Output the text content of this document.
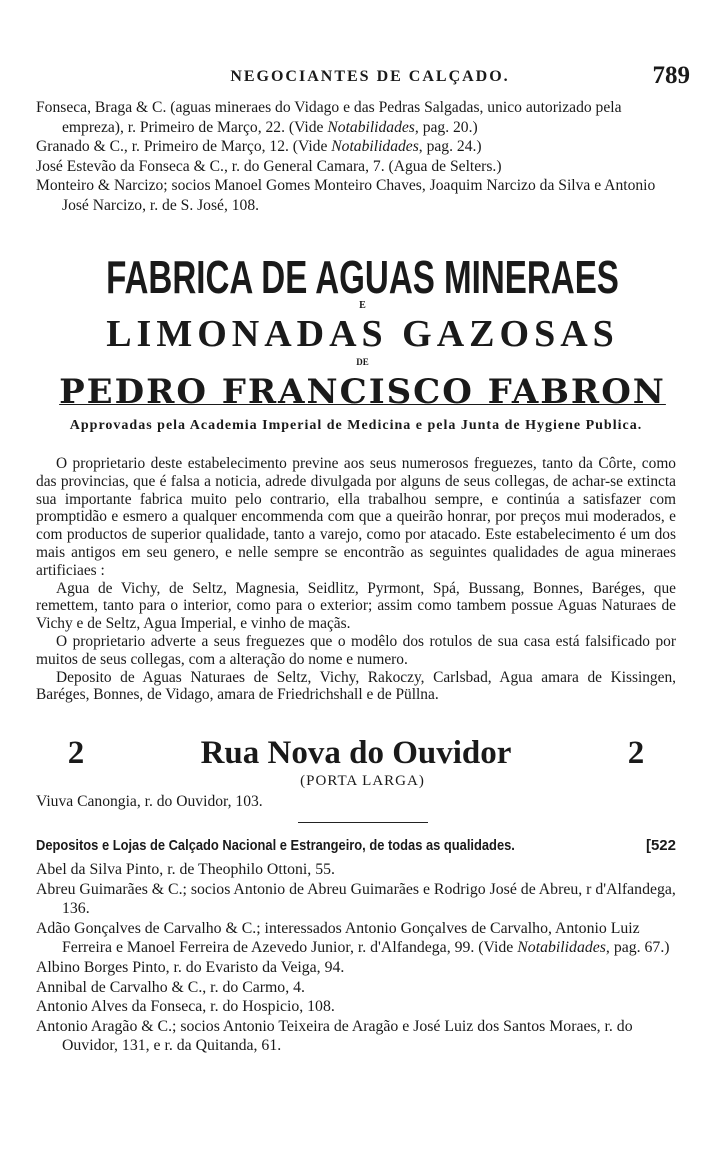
NEGOCIANTES DE CALÇADO.	789

Fonseca, Braga & C. (aguas mineraes do Vidago e das Pedras Salgadas, unico autorizado pela empreza), r. Primeiro de Março, 22. (Vide Notabilidades, pag. 20.)

Granado & C., r. Primeiro de Março, 12. (Vide Notabilidades, pag. 24.)

José Estevão da Fonseca & C., r. do General Camara, 7. (Agua de Selters.)

Monteiro & Narcizo; socios Manoel Gomes Monteiro Chaves, Joaquim Narcizo da Silva e Antonio José Narcizo, r. de S. José, 108.

FABRICA DE AGUAS MINERAES
E
LIMONADAS GAZOSAS
DE
PEDRO FRANCISCO FABRON
Approvadas pela Academia Imperial de Medicina e pela Junta de Hygiene Publica.

O proprietario deste estabelecimento previne aos seus numerosos freguezes, tanto da Côrte, como das provincias, que é falsa a noticia, adrede divulgada por alguns de seus collegas, de achar-se extincta sua importante fabrica muito pelo contrario, ella trabalhou sempre, e continúa a satisfazer com promptidão e esmero a qualquer encommenda com que a queirão honrar, por preços mui moderados, e com productos de superior qualidade, tanto a varejo, como por atacado. Este estabelecimento é um dos mais antigos em seu genero, e nelle sempre se encontrão as seguintes qualidades de agua mineraes artificiaes :

Agua de Vichy, de Seltz, Magnesia, Seidlitz, Pyrmont, Spá, Bussang, Bonnes, Baréges, que remettem, tanto para o interior, como para o exterior; assim como tambem possue Aguas Naturaes de Vichy e de Seltz, Agua Imperial, e vinho de maçãs.

O proprietario adverte a seus freguezes que o modêlo dos rotulos de sua casa está falsificado por muitos de seus collegas, com a alteração do nome e numero.

Deposito de Aguas Naturaes de Seltz, Vichy, Rakoczy, Carlsbad, Agua amara de Kissingen, Baréges, Bonnes, de Vidago, amara de Friedrichshall e de Püllna.

2	Rua Nova do Ouvidor	2
(PORTA LARGA)
Viuva Canongia, r. do Ouvidor, 103.
Depositos e Lojas de Calçado Nacional e Estrangeiro, de todas as qualidades.	[522

Abel da Silva Pinto, r. de Theophilo Ottoni, 55.

Abreu Guimarães & C.; socios Antonio de Abreu Guimarães e Rodrigo José de Abreu, r d'Alfandega, 136.

Adão Gonçalves de Carvalho & C.; interessados Antonio Gonçalves de Carvalho, Antonio Luiz Ferreira e Manoel Ferreira de Azevedo Junior, r. d'Alfandega, 99. (Vide Notabilidades, pag. 67.)

Albino Borges Pinto, r. do Evaristo da Veiga, 94.

Annibal de Carvalho & C., r. do Carmo, 4.

Antonio Alves da Fonseca, r. do Hospicio, 108.

Antonio Aragão & C.; socios Antonio Teixeira de Aragão e José Luiz dos Santos Moraes, r. do Ouvidor, 131, e r. da Quitanda, 61.
